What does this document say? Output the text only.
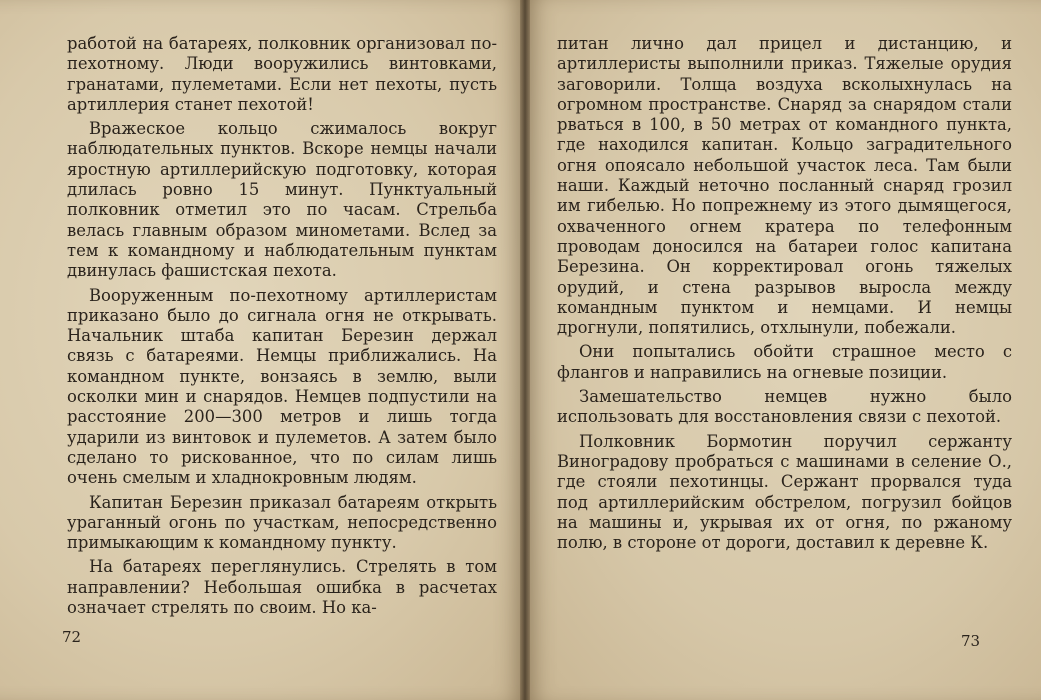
работой на батареях, полковник организовал по-пехотному. Люди вооружились винтовками, гранатами, пулеметами. Если нет пехоты, пусть артиллерия станет пехотой!

Вражеское кольцо сжималось вокруг наблюдательных пунктов. Вскоре немцы начали яростную артиллерийскую подготовку, которая длилась ровно 15 минут. Пунктуальный полковник отметил это по часам. Стрельба велась главным образом минометами. Вслед за тем к командному и наблюдательным пунктам двинулась фашистская пехота.

Вооруженным по-пехотному артиллеристам приказано было до сигнала огня не открывать. Начальник штаба капитан Березин держал связь с батареями. Немцы приближались. На командном пункте, вонзаясь в землю, выли осколки мин и снарядов. Немцев подпустили на расстояние 200—300 метров и лишь тогда ударили из винтовок и пулеметов. А затем было сделано то рискованное, что по силам лишь очень смелым и хладнокровным людям.

Капитан Березин приказал батареям открыть ураганный огонь по участкам, непосредственно примыкающим к командному пункту.

На батареях переглянулись. Стрелять в том направлении? Небольшая ошибка в расчетах означает стрелять по своим. Но ка-

72

питан лично дал прицел и дистанцию, и артиллеристы выполнили приказ. Тяжелые орудия заговорили. Толща воздуха всколыхнулась на огромном пространстве. Снаряд за снарядом стали рваться в 100, в 50 метрах от командного пункта, где находился капитан. Кольцо заградительного огня опоясало небольшой участок леса. Там были наши. Каждый неточно посланный снаряд грозил им гибелью. Но попрежнему из этого дымящегося, охваченного огнем кратера по телефонным проводам доносился на батареи голос капитана Березина. Он корректировал огонь тяжелых орудий, и стена разрывов выросла между командным пунктом и немцами. И немцы дрогнули, попятились, отхлынули, побежали.

Они попытались обойти страшное место с флангов и направились на огневые позиции.

Замешательство немцев нужно было использовать для восстановления связи с пехотой.

Полковник Бормотин поручил сержанту Виноградову пробраться с машинами в селение О., где стояли пехотинцы. Сержант прорвался туда под артиллерийским обстрелом, погрузил бойцов на машины и, укрывая их от огня, по ржаному полю, в стороне от дороги, доставил к деревне К.

73
